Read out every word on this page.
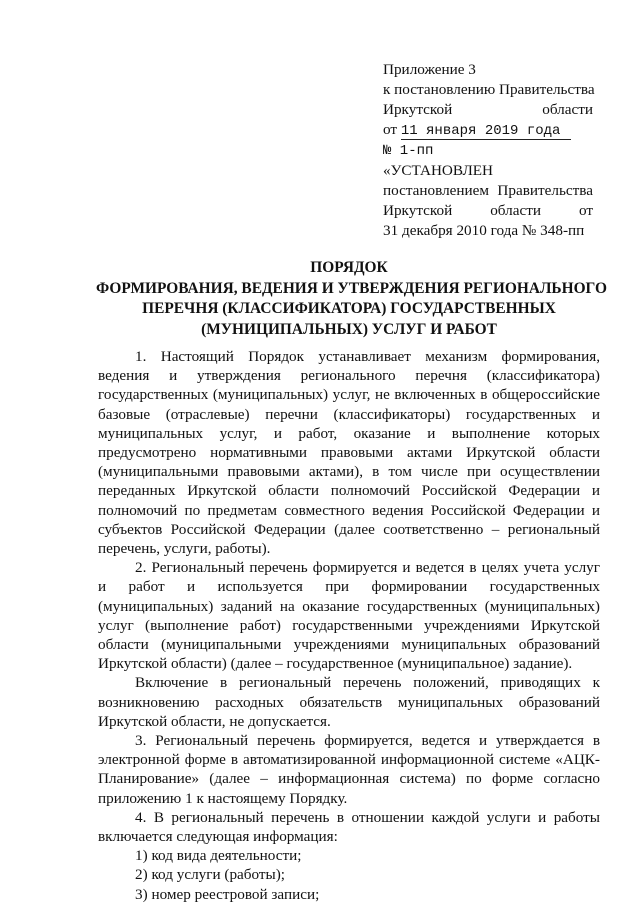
Приложение 3
к постановлению Правительства
Иркутской	области
от 11 января 2019 года
№ 1-пп
«УСТАНОВЛЕН
постановлением Правительства
Иркутской области от
31 декабря 2010 года № 348-пп
ПОРЯДОК
ФОРМИРОВАНИЯ, ВЕДЕНИЯ И УТВЕРЖДЕНИЯ РЕГИОНАЛЬНОГО
ПЕРЕЧНЯ (КЛАССИФИКАТОРА) ГОСУДАРСТВЕННЫХ
(МУНИЦИПАЛЬНЫХ) УСЛУГ И РАБОТ
1. Настоящий Порядок устанавливает механизм формирования, ведения и утверждения регионального перечня (классификатора) государственных (муниципальных) услуг, не включенных в общероссийские базовые (отраслевые) перечни (классификаторы) государственных и муниципальных услуг, и работ, оказание и выполнение которых предусмотрено нормативными правовыми актами Иркутской области (муниципальными правовыми актами), в том числе при осуществлении переданных Иркутской области полномочий Российской Федерации и полномочий по предметам совместного ведения Российской Федерации и субъектов Российской Федерации (далее соответственно – региональный перечень, услуги, работы).
2. Региональный перечень формируется и ведется в целях учета услуг и работ и используется при формировании государственных (муниципальных) заданий на оказание государственных (муниципальных) услуг (выполнение работ) государственными учреждениями Иркутской области (муниципальными учреждениями муниципальных образований Иркутской области) (далее – государственное (муниципальное) задание).
Включение в региональный перечень положений, приводящих к возникновению расходных обязательств муниципальных образований Иркутской области, не допускается.
3. Региональный перечень формируется, ведется и утверждается в электронной форме в автоматизированной информационной системе «АЦК-Планирование» (далее – информационная система) по форме согласно приложению 1 к настоящему Порядку.
4. В региональный перечень в отношении каждой услуги и работы включается следующая информация:
1) код вида деятельности;
2) код услуги (работы);
3) номер реестровой записи;
